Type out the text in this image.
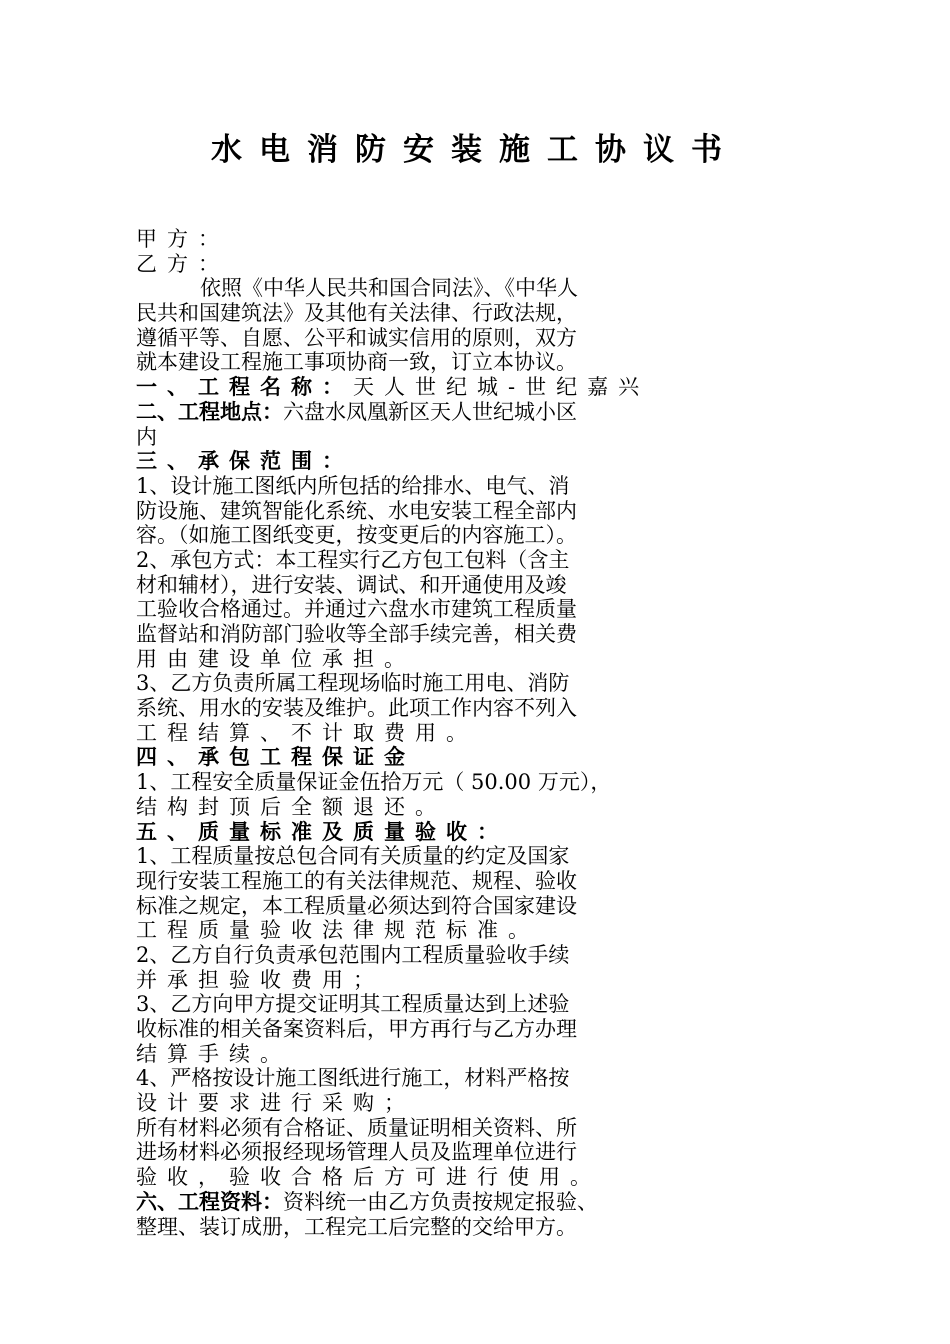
水电消防安装施工协议书
甲方：
乙方：
依照《中华人民共和国合同法》、《中华人
民共和国建筑法》及其他有关法律、行政法规，
遵循平等、自愿、公平和诚实信用的原则，双方
就本建设工程施工事项协商一致，订立本协议。
一、工程名称：天人世纪城-世纪嘉兴
二、工程地点：六盘水凤凰新区天人世纪城小区
内
三、承保范围：
1、设计施工图纸内所包括的给排水、电气、消
防设施、建筑智能化系统、水电安装工程全部内
容。（如施工图纸变更，按变更后的内容施工）。
2、承包方式：本工程实行乙方包工包料（含主
材和辅材），进行安装、调试、和开通使用及竣
工验收合格通过。并通过六盘水市建筑工程质量
监督站和消防部门验收等全部手续完善，相关费
用由建设单位承担。
3、乙方负责所属工程现场临时施工用电、消防
系统、用水的安装及维护。此项工作内容不列入
工程结算、不计取费用。
四、承包工程保证金
1、工程安全质量保证金伍拾万元（ 50.00 万元），
结构封顶后全额退还。
五、质量标准及质量验收：
1、工程质量按总包合同有关质量的约定及国家
现行安装工程施工的有关法律规范、规程、验收
标准之规定，本工程质量必须达到符合国家建设
工程质量验收法律规范标准。
2、乙方自行负责承包范围内工程质量验收手续
并承担验收费用；
3、乙方向甲方提交证明其工程质量达到上述验
收标准的相关备案资料后，甲方再行与乙方办理
结算手续。
4、严格按设计施工图纸进行施工，材料严格按
设计要求进行采购；
所有材料必须有合格证、质量证明相关资料、所
进场材料必须报经现场管理人员及监理单位进行
验收，验收合格后方可进行使用。
六、工程资料：资料统一由乙方负责按规定报验、
整理、装订成册，工程完工后完整的交给甲方。
